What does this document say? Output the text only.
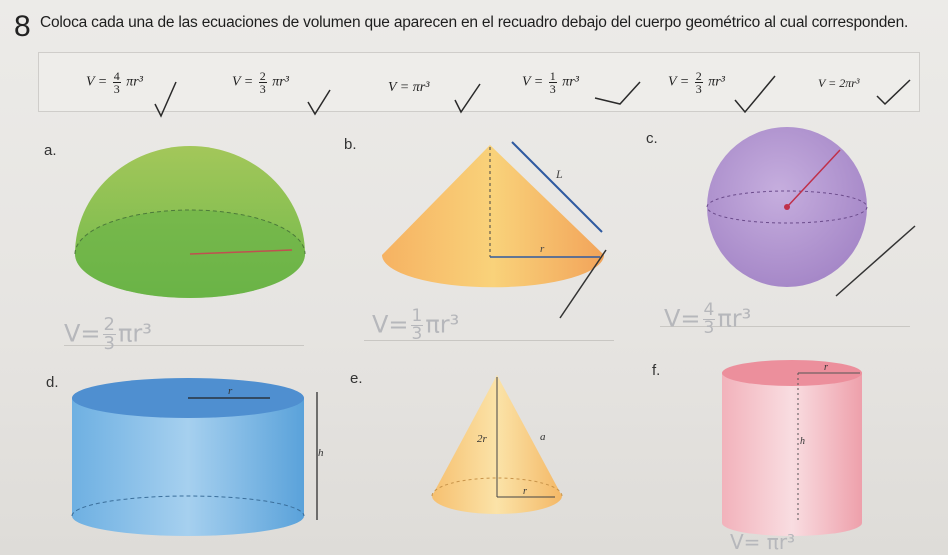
8 Coloca cada una de las ecuaciones de volumen que aparecen en el recuadro debajo del cuerpo geométrico al cual corresponden.
$V = \frac{4}{3} \pi r^3$	$V = \frac{2}{3} \pi r^3$	V = πr³	$V = \frac{1}{3} \pi r^3$	$V = \frac{2}{3} \pi r^3$	V = 2πr³
L
r
r
h
2r	a
r
r
h
a.	b.	c.
d.	e.	f.
$V= \frac{2}{3} \pi r^3$	$V= \frac{1}{3} \pi r^3$	$V= \frac{4}{3} \pi r^3$
V= πr³
